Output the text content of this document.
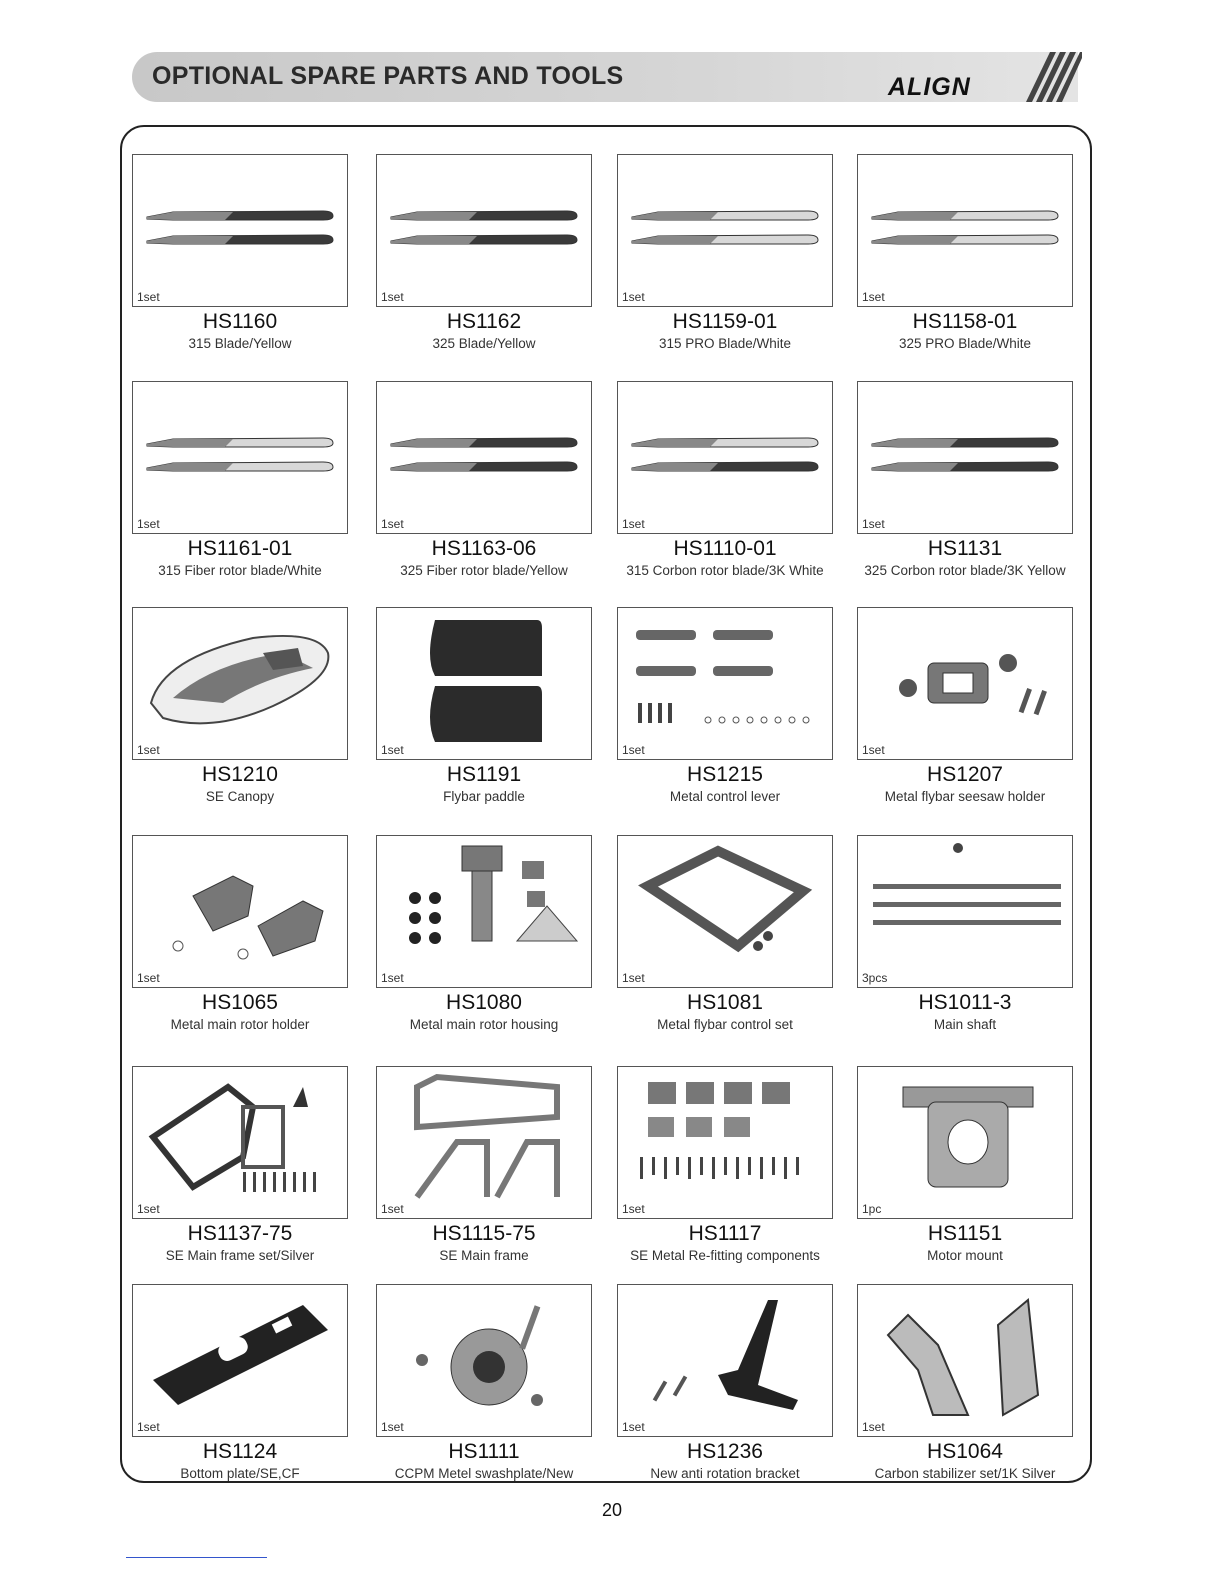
OPTIONAL SPARE PARTS AND TOOLS	ALIGN
1set
HS1160
315 Blade/Yellow
1set
HS1162
325 Blade/Yellow
1set
HS1159-01
315 PRO Blade/White
1set
HS1158-01
325 PRO Blade/White
1set
HS1161-01
315 Fiber rotor blade/White
1set
HS1163-06
325 Fiber rotor blade/Yellow
1set
HS1110-01
315 Corbon rotor blade/3K White
1set
HS1131
325 Corbon rotor blade/3K Yellow
1set
HS1210
SE Canopy
1set
HS1191
Flybar paddle
1set
HS1215
Metal control lever
1set
HS1207
Metal flybar seesaw holder
1set
HS1065
Metal main rotor holder
1set
HS1080
Metal main rotor housing
1set
HS1081
Metal flybar control set
3pcs
HS1011-3
Main shaft
1set
HS1137-75
SE Main frame set/Silver
1set
HS1115-75
SE Main frame
1set
HS1117
SE Metal Re-fitting components
1pc
HS1151
Motor mount
1set
HS1124
Bottom plate/SE,CF
1set
HS1111
CCPM Metel swashplate/New
1set
HS1236
New anti rotation bracket
1set
HS1064
Carbon stabilizer set/1K Silver
20
